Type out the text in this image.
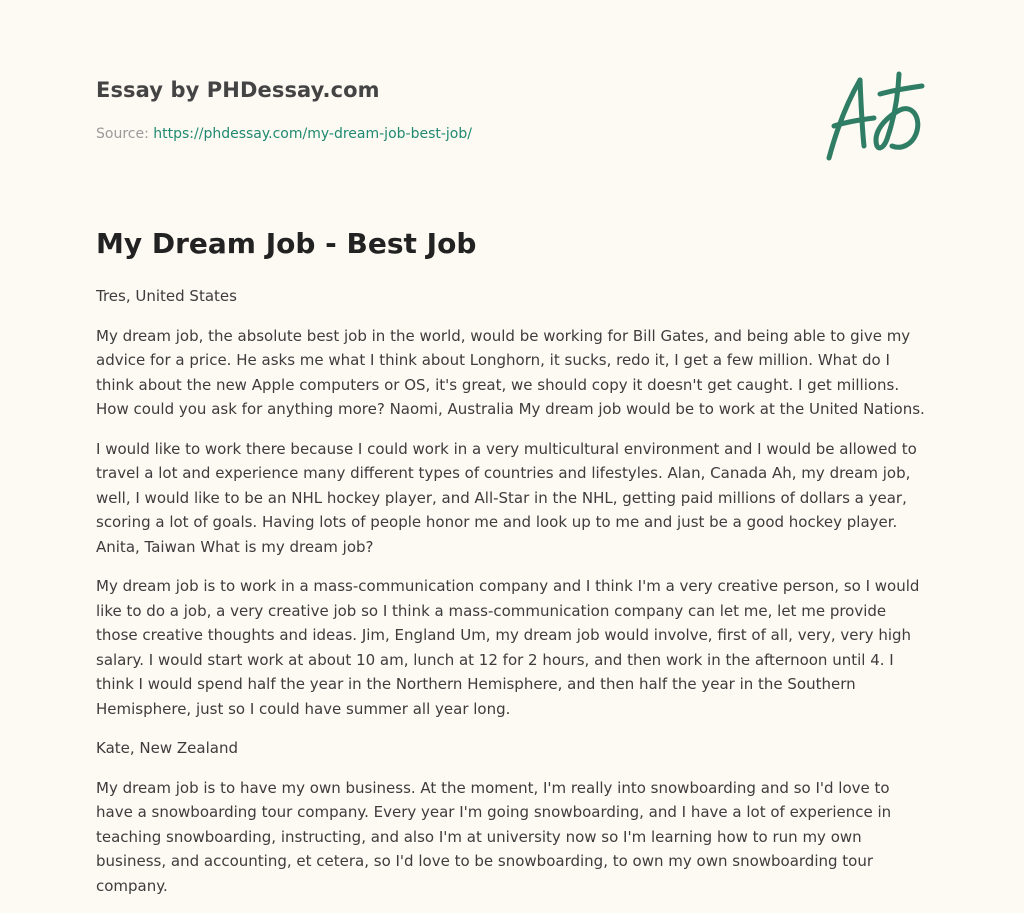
Essay by PHDessay.com
Source: https://phdessay.com/my-dream-job-best-job/
My Dream Job - Best Job

Tres, United States

My dream job, the absolute best job in the world, would be working for Bill Gates, and being able to give my advice for a price. He asks me what I think about Longhorn, it sucks, redo it, I get a few million. What do I think about the new Apple computers or OS, it's great, we should copy it doesn't get caught. I get millions. How could you ask for anything more? Naomi, Australia My dream job would be to work at the United Nations.

I would like to work there because I could work in a very multicultural environment and I would be allowed to travel a lot and experience many different types of countries and lifestyles. Alan, Canada Ah, my dream job, well, I would like to be an NHL hockey player, and All-Star in the NHL, getting paid millions of dollars a year, scoring a lot of goals. Having lots of people honor me and look up to me and just be a good hockey player. Anita, Taiwan What is my dream job?

My dream job is to work in a mass-communication company and I think I'm a very creative person, so I would like to do a job, a very creative job so I think a mass-communication company can let me, let me provide those creative thoughts and ideas. Jim, England Um, my dream job would involve, first of all, very, very high salary. I would start work at about 10 am, lunch at 12 for 2 hours, and then work in the afternoon until 4. I think I would spend half the year in the Northern Hemisphere, and then half the year in the Southern Hemisphere, just so I could have summer all year long.

Kate, New Zealand

My dream job is to have my own business. At the moment, I'm really into snowboarding and so I'd love to have a snowboarding tour company. Every year I'm going snowboarding, and I have a lot of experience in teaching snowboarding, instructing, and also I'm at university now so I'm learning how to run my own business, and accounting, et cetera, so I'd love to be snowboarding, to own my own snowboarding tour company.
